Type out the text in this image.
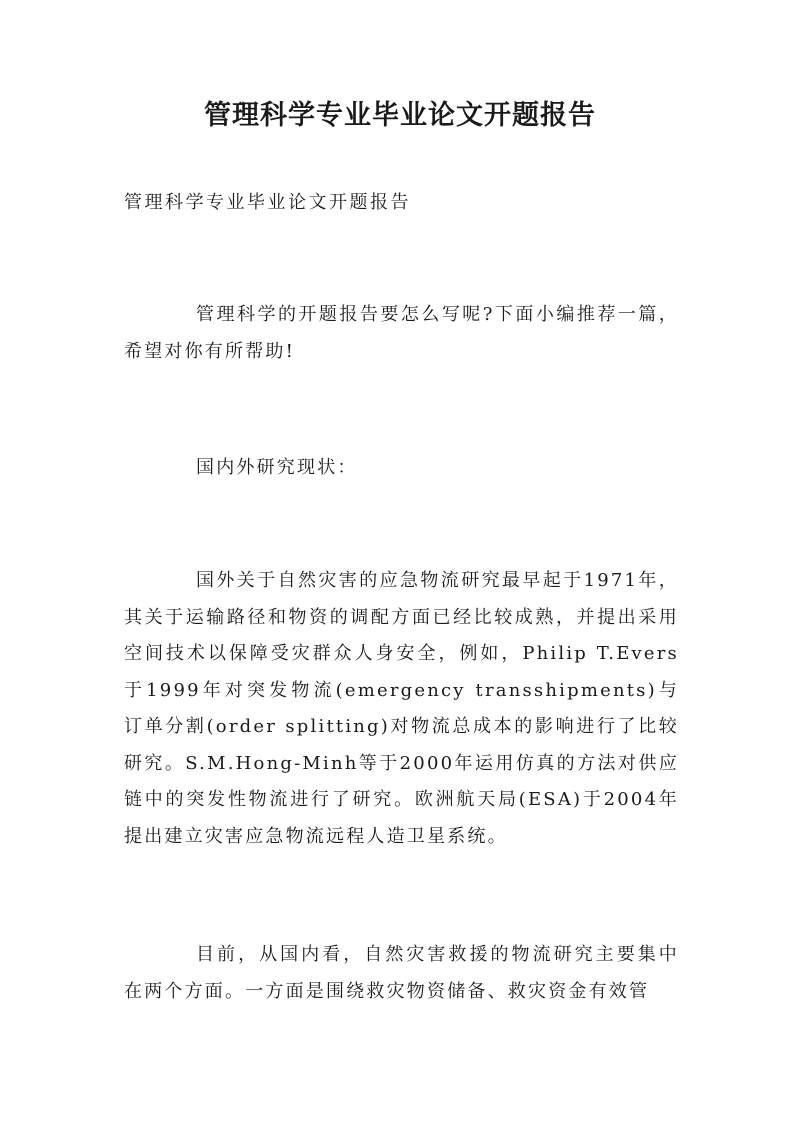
管理科学专业毕业论文开题报告

管理科学专业毕业论文开题报告

管理科学的开题报告要怎么写呢?下面小编推荐一篇，希望对你有所帮助!

国内外研究现状：

国外关于自然灾害的应急物流研究最早起于1971年，其关于运输路径和物资的调配方面已经比较成熟，并提出采用空间技术以保障受灾群众人身安全，例如，Philip T.Evers于1999年对突发物流(emergency transshipments)与订单分割(order splitting)对物流总成本的影响进行了比较研究。S.M.Hong-Minh等于2000年运用仿真的方法对供应链中的突发性物流进行了研究。欧洲航天局(ESA)于2004年提出建立灾害应急物流远程人造卫星系统。

目前，从国内看，自然灾害救援的物流研究主要集中在两个方面。一方面是围绕救灾物资储备、救灾资金有效管
